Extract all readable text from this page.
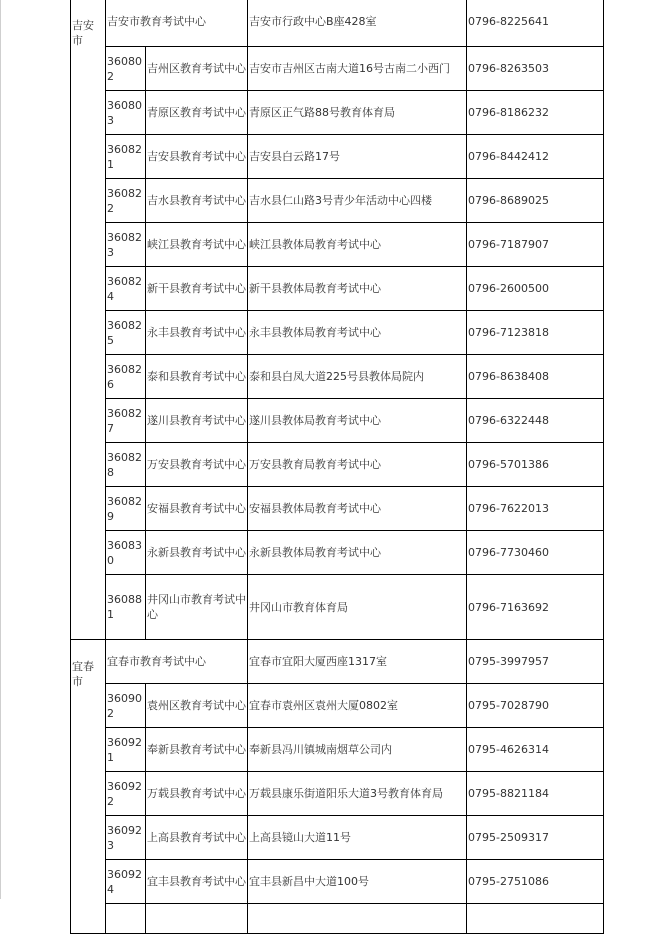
吉安市	吉安市教育考试中心		吉安市行政中心B座428室	0796-8225641
	360802	吉州区教育考试中心	吉安市吉州区古南大道16号古南二小西门	0796-8263503
	360803	青原区教育考试中心	青原区正气路88号教育体育局	0796-8186232
	360821	吉安县教育考试中心	吉安县白云路17号	0796-8442412
	360822	吉水县教育考试中心	吉水县仁山路3号青少年活动中心四楼	0796-8689025
	360823	峡江县教育考试中心	峡江县教体局教育考试中心	0796-7187907
	360824	新干县教育考试中心	新干县教体局教育考试中心	0796-2600500
	360825	永丰县教育考试中心	永丰县教体局教育考试中心	0796-7123818
	360826	泰和县教育考试中心	泰和县白凤大道225号县教体局院内	0796-8638408
	360827	遂川县教育考试中心	遂川县教体局教育考试中心	0796-6322448
	360828	万安县教育考试中心	万安县教育局教育考试中心	0796-5701386
	360829	安福县教育考试中心	安福县教体局教育考试中心	0796-7622013
	360830	永新县教育考试中心	永新县教体局教育考试中心	0796-7730460
	360881	井冈山市教育考试中心	井冈山市教育体育局	0796-7163692
宜春市	宜春市教育考试中心		宜春市宜阳大厦西座1317室	0795-3997957
	360902	袁州区教育考试中心	宜春市袁州区袁州大厦0802室	0795-7028790
	360921	奉新县教育考试中心	奉新县冯川镇城南烟草公司内	0795-4626314
	360922	万载县教育考试中心	万载县康乐街道阳乐大道3号教育体育局	0795-8821184
	360923	上高县教育考试中心	上高县镜山大道11号	0795-2509317
	360924	宜丰县教育考试中心	宜丰县新昌中大道100号	0795-2751086
